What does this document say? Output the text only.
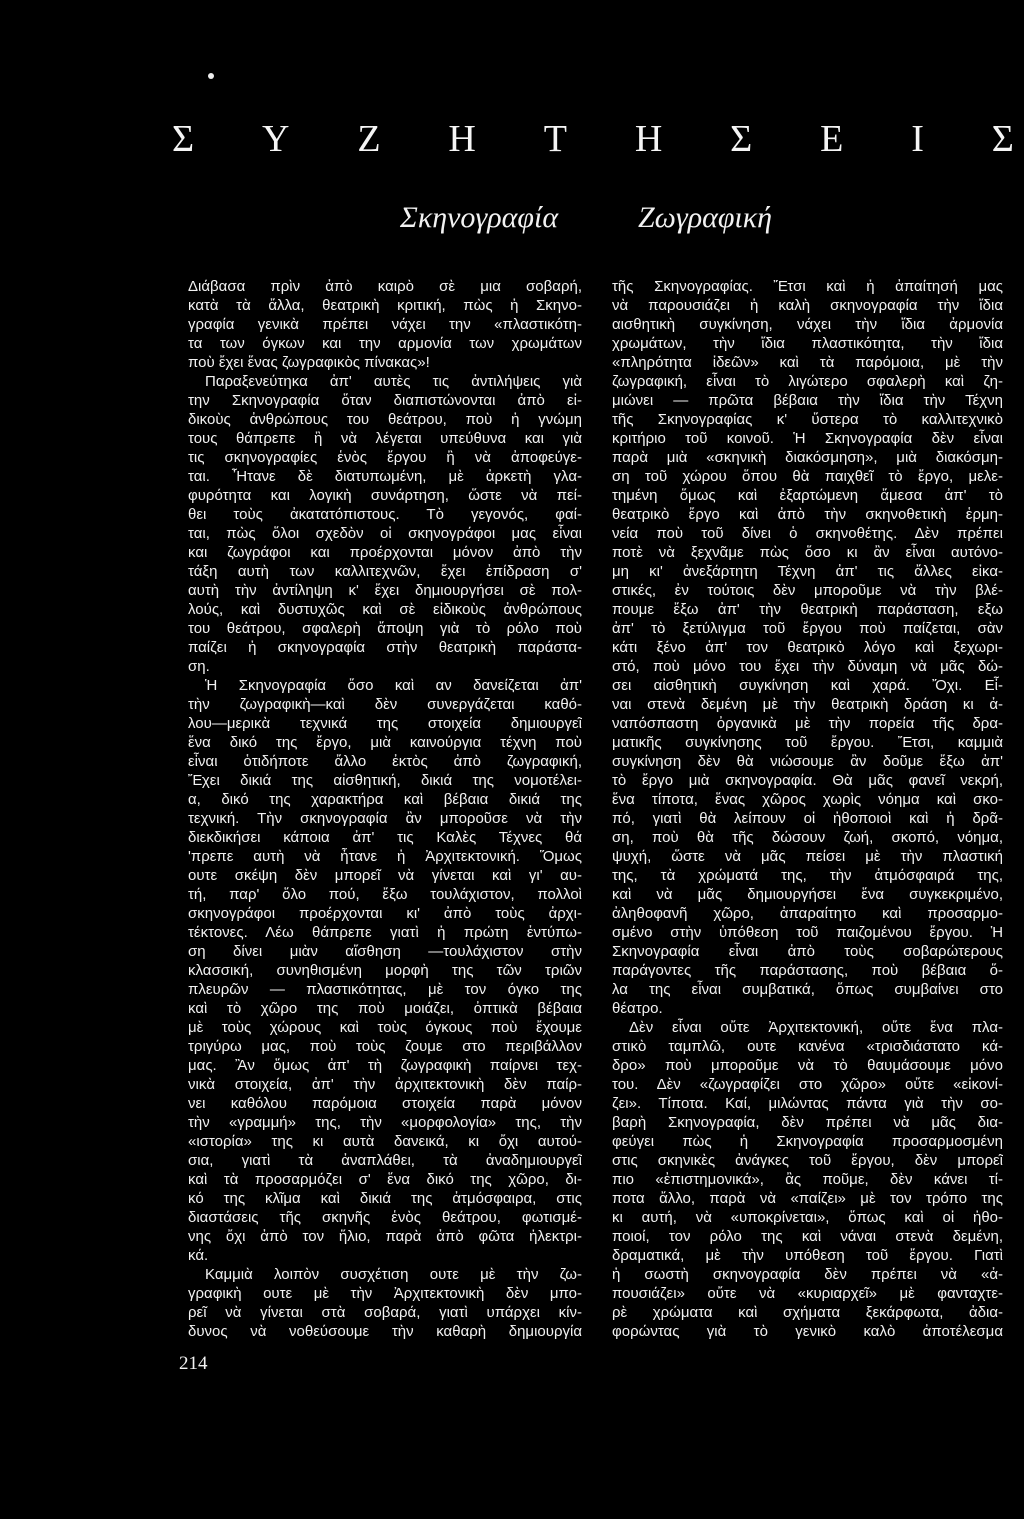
Σ Υ Ζ Η Τ Η Σ Ε Ι Σ
Σκηνογραφία	Ζωγραφική
Διάβασα πρὶν ἀπὸ καιρὸ σὲ μια σοβαρή,
κατὰ τὰ ἄλλα, θεατρικὴ κριτική, πὼς ἡ Σκηνο-
γραφία γενικὰ πρέπει νάχει την «πλαστικότη-
τα των όγκων και την αρμονία των χρωμάτων
ποὺ ἔχει ἕνας ζωγραφικὸς πίνακας»!
Παραξενεύτηκα ἀπ' αυτὲς τις ἀντιλήψεις γιὰ
την Σκηνογραφία ὅταν διαπιστώνονται ἀπὸ εἰ-
δικοὺς ἀνθρώπους του θεάτρου, ποὺ ἡ γνώμη
τους θάπρεπε ἢ νὰ λέγεται υπεύθυνα και γιὰ
τις σκηνογραφίες ἑνὸς ἔργου ἢ νὰ ἀποφεύγε-
ται. Ἦτανε δὲ διατυπωμένη, μὲ ἀρκετὴ γλα-
φυρότητα και λογικὴ συνάρτηση, ὥστε νὰ πεί-
θει τοὺς ἀκατατόπιστους. Τὸ γεγονός, φαί-
ται, πὼς ὅλοι σχεδὸν οἱ σκηνογράφοι μας εἶναι
και ζωγράφοι και προέρχονται μόνον ἀπὸ τὴν
τάξη αυτὴ των καλλιτεχνῶν, ἔχει ἐπίδραση σ'
αυτὴ τὴν ἀντίληψη κ' ἔχει δημιουργήσει σὲ πολ-
λούς, καὶ δυστυχῶς καὶ σὲ εἰδικοὺς ἀνθρώπους
του θεάτρου, σφαλερὴ ἄποψη γιὰ τὸ ρόλο ποὺ
παίζει ἡ σκηνογραφία στὴν θεατρικὴ παράστα-
ση.
Ἡ Σκηνογραφία ὅσο καὶ αν δανείζεται ἀπ'
τὴν ζωγραφικὴ—καὶ δὲν συνεργάζεται καθό-
λου—μερικὰ τεχνικά της στοιχεία δημιουργεῖ
ἕνα δικό της ἔργο, μιὰ καινούργια τέχνη ποὺ
εἶναι ὁτιδήποτε ἄλλο ἐκτὸς ἀπὸ ζωγραφική,
Ἔχει δικιά της αἰσθητική, δικιά της νομοτέλει-
α, δικό της χαρακτήρα καὶ βέβαια δικιά της
τεχνική. Τὴν σκηνογραφία ἂν μποροῦσε νὰ τὴν
διεκδικήσει κάποια ἀπ' τις Καλὲς Τέχνες θά
'πρεπε αυτὴ νὰ ἦτανε ἡ Ἀρχιτεκτονική. Ὅμως
ουτε σκέψη δὲν μπορεῖ νὰ γίνεται καὶ γι' αυ-
τή, παρ' ὅλο πού, ἔξω τουλάχιστον, πολλοὶ
σκηνογράφοι προέρχονται κι' ἀπὸ τοὺς ἀρχι-
τέκτονες. Λέω θάπρεπε γιατὶ ἡ πρώτη ἐντύπω-
ση δίνει μιὰν αἴσθηση —τουλάχιστον στὴν
κλασσική, συνηθισμένη μορφὴ της τῶν τριῶν
πλευρῶν — πλαστικότητας, μὲ τον όγκο της
καὶ τὸ χῶρο της ποὺ μοιάζει, ὀπτικὰ βέβαια
μὲ τοὺς χώρους καὶ τοὺς όγκους ποὺ ἔχουμε
τριγύρω μας, ποὺ τοὺς ζουμε στο περιβάλλον
μας. Ἂν ὅμως ἀπ' τὴ ζωγραφικὴ παίρνει τεχ-
νικὰ στοιχεία, ἀπ' τὴν ἀρχιτεκτονικὴ δὲν παίρ-
νει καθόλου παρόμοια στοιχεία παρὰ μόνον
τὴν «γραμμή» της, τὴν «μορφολογία» της, τὴν
«ιστορία» της κι αυτὰ δανεικά, κι ὄχι αυτού-
σια, γιατὶ τὰ ἀναπλάθει, τὰ ἀναδημιουργεῖ
καὶ τὰ προσαρμόζει σ' ἕνα δικό της χῶρο, δι-
κό της κλῖμα καὶ δικιά της ἀτμόσφαιρα, στις
διαστάσεις τῆς σκηνῆς ἑνὸς θεάτρου, φωτισμέ-
νης ὄχι ἀπὸ τον ἥλιο, παρὰ ἀπὸ φῶτα ἠλεκτρι-
κά.
Καμμιὰ λοιπὸν συσχέτιση ουτε μὲ τὴν ζω-
γραφικὴ ουτε μὲ τὴν Ἀρχιτεκτονικὴ δὲν μπο-
ρεῖ νὰ γίνεται στὰ σοβαρά, γιατὶ υπάρχει κίν-
δυνος νὰ νοθεύσουμε τὴν καθαρὴ δημιουργία
τῆς Σκηνογραφίας. Ἔτσι καὶ ἡ ἀπαίτησή μας
νὰ παρουσιάζει ἡ καλὴ σκηνογραφία τὴν ἴδια
αισθητικὴ συγκίνηση, νάχει τὴν ἴδια ἀρμονία
χρωμάτων, τὴν ἴδια πλαστικότητα, τὴν ἴδια
«πληρότητα ἰδεῶν» καὶ τὰ παρόμοια, μὲ τὴν
ζωγραφική, εἶναι τὸ λιγώτερο σφαλερὴ καὶ ζη-
μιώνει — πρῶτα βέβαια τὴν ἴδια τὴν Τέχνη
τῆς Σκηνογραφίας κ' ὕστερα τὸ καλλιτεχνικὸ
κριτήριο τοῦ κοινοῦ. Ἡ Σκηνογραφία δὲν εἶναι
παρὰ μιὰ «σκηνικὴ διακόσμηση», μιὰ διακόσμη-
ση τοῦ χώρου ὅπου θὰ παιχθεῖ τὸ ἔργο, μελε-
τημένη ὅμως καὶ ἐξαρτώμενη ἄμεσα ἀπ' τὸ
θεατρικὸ ἔργο καὶ ἀπὸ τὴν σκηνοθετικὴ ἑρμη-
νεία ποὺ τοῦ δίνει ὁ σκηνοθέτης. Δὲν πρέπει
ποτὲ νὰ ξεχνᾶμε πὼς ὅσο κι ἂν εἶναι αυτόνο-
μη κι' ἀνεξάρτητη Τέχνη ἀπ' τις ἄλλες εἰκα-
στικές, ἐν τούτοις δὲν μποροῦμε νὰ τὴν βλέ-
πουμε ἔξω ἀπ' τὴν θεατρικὴ παράσταση, εξω
ἀπ' τὸ ξετύλιγμα τοῦ ἔργου ποὺ παίζεται, σὰν
κάτι ξένο ἀπ' τον θεατρικὸ λόγο καὶ ξεχωρι-
στό, ποὺ μόνο του ἔχει τὴν δύναμη νὰ μᾶς δώ-
σει αἰσθητικὴ συγκίνηση καὶ χαρά. Ὄχι. Εἶ-
ναι στενὰ δεμένη μὲ τὴν θεατρικὴ δράση κι ἀ-
ναπόσπαστη ὀργανικὰ μὲ τὴν πορεία τῆς δρα-
ματικῆς συγκίνησης τοῦ ἔργου. Ἔτσι, καμμιὰ
συγκίνηση δὲν θὰ νιώσουμε ἂν δοῦμε ἔξω ἀπ'
τὸ ἔργο μιὰ σκηνογραφία. Θὰ μᾶς φανεῖ νεκρή,
ἕνα τίποτα, ἕνας χῶρος χωρὶς νόημα καὶ σκο-
πό, γιατὶ θὰ λείπουν οἱ ἠθοποιοὶ καὶ ἡ δρᾶ-
ση, ποὺ θὰ τῆς δώσουν ζωή, σκοπό, νόημα,
ψυχή, ὥστε νὰ μᾶς πείσει μὲ τὴν πλαστική
της, τὰ χρώματά της, τὴν ἀτμόσφαιρά της,
καὶ νὰ μᾶς δημιουργήσει ἕνα συγκεκριμένο,
ἀληθοφανῆ χῶρο, ἀπαραίτητο καὶ προσαρμο-
σμένο στὴν ὑπόθεση τοῦ παιζομένου ἔργου. Ἡ
Σκηνογραφία εἶναι ἀπὸ τοὺς σοβαρώτερους
παράγοντες τῆς παράστασης, ποὺ βέβαια ὅ-
λα της εἶναι συμβατικά, ὅπως συμβαίνει στο
θέατρο.
Δὲν εἶναι οὔτε Ἀρχιτεκτονική, οὔτε ἕνα πλα-
στικὸ ταμπλῶ, ουτε κανένα «τρισδιάστατο κά-
δρο» ποὺ μποροῦμε νὰ τὸ θαυμάσουμε μόνο
του. Δὲν «ζωγραφίζει στο χῶρο» οὔτε «εἰκονί-
ζει». Τίποτα. Καί, μιλώντας πάντα γιὰ τὴν σο-
βαρὴ Σκηνογραφία, δὲν πρέπει νὰ μᾶς δια-
φεύγει πὼς ἡ Σκηνογραφία προσαρμοσμένη
στις σκηνικὲς ἀνάγκες τοῦ ἔργου, δὲν μπορεῖ
πιο «ἐπιστημονικά», ἂς ποῦμε, δὲν κάνει τί-
ποτα ἄλλο, παρὰ νὰ «παίζει» μὲ τον τρόπο της
κι αυτή, νὰ «υποκρίνεται», ὅπως καὶ οἱ ἠθο-
ποιοί, τον ρόλο της καὶ νάναι στενὰ δεμένη,
δραματικά, μὲ τὴν υπόθεση τοῦ ἔργου. Γιατὶ
ἡ σωστὴ σκηνογραφία δὲν πρέπει νὰ «ἀ-
πουσιάζει» οὔτε νὰ «κυριαρχεῖ» μὲ φανταχτε-
ρὲ χρώματα καὶ σχήματα ξεκάρφωτα, ἀδια-
φορώντας γιὰ τὸ γενικὸ καλὸ ἀποτέλεσμα
214
